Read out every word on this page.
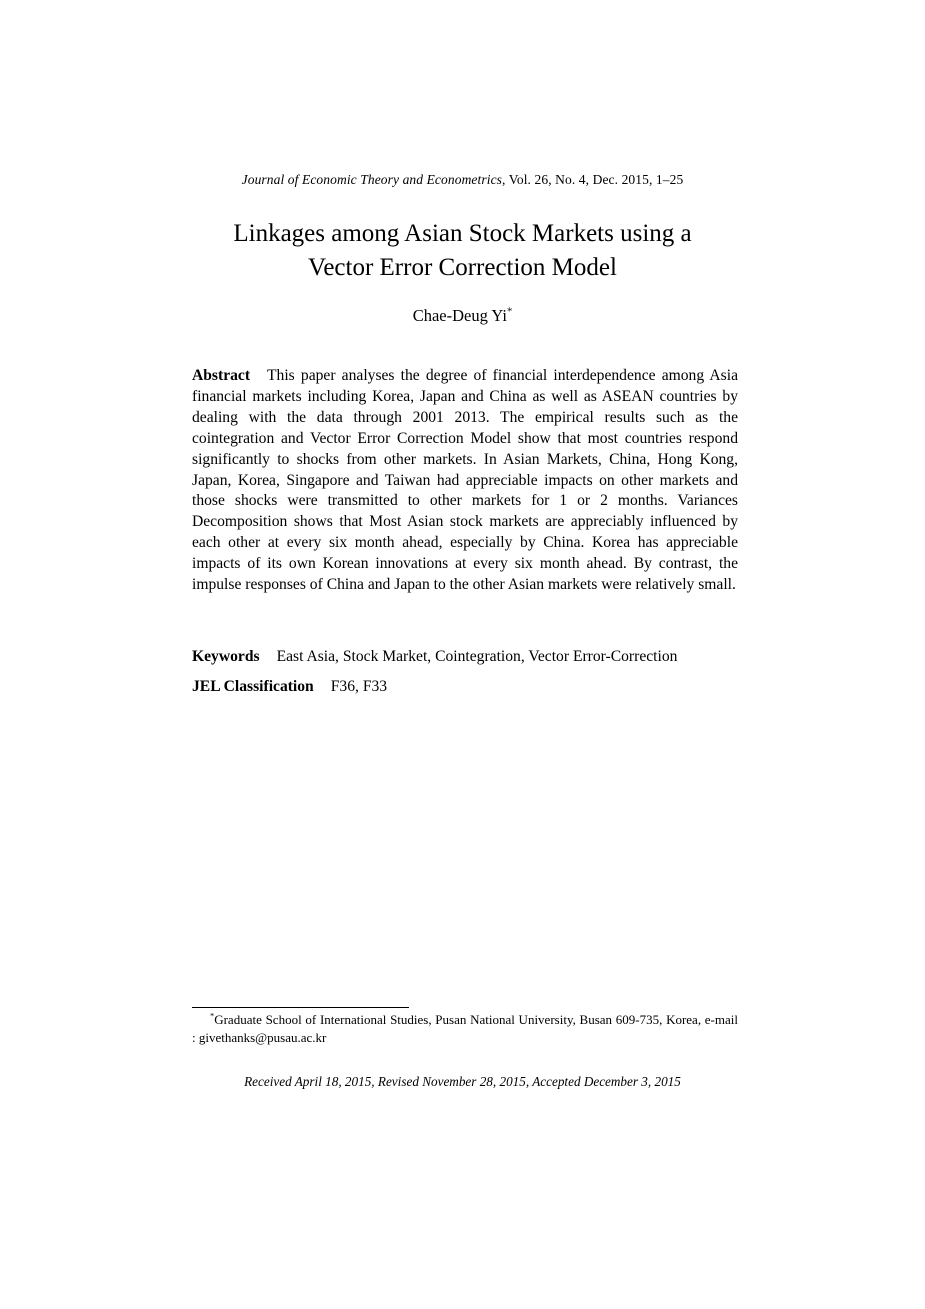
Journal of Economic Theory and Econometrics, Vol. 26, No. 4, Dec. 2015, 1–25
Linkages among Asian Stock Markets using a
Vector Error Correction Model
Chae-Deug Yi*
Abstract This paper analyses the degree of financial interdependence among Asia financial markets including Korea, Japan and China as well as ASEAN countries by dealing with the data through 2001 2013. The empirical results such as the cointegration and Vector Error Correction Model show that most countries respond significantly to shocks from other markets. In Asian Markets, China, Hong Kong, Japan, Korea, Singapore and Taiwan had appreciable impacts on other markets and those shocks were transmitted to other markets for 1 or 2 months. Variances Decomposition shows that Most Asian stock markets are appreciably influenced by each other at every six month ahead, especially by China. Korea has appreciable impacts of its own Korean innovations at every six month ahead. By contrast, the impulse responses of China and Japan to the other Asian markets were relatively small.
Keywords East Asia, Stock Market, Cointegration, Vector Error-Correction
JEL Classification F36, F33
*Graduate School of International Studies, Pusan National University, Busan 609-735, Korea, e-mail : givethanks@pusau.ac.kr
Received April 18, 2015, Revised November 28, 2015, Accepted December 3, 2015
